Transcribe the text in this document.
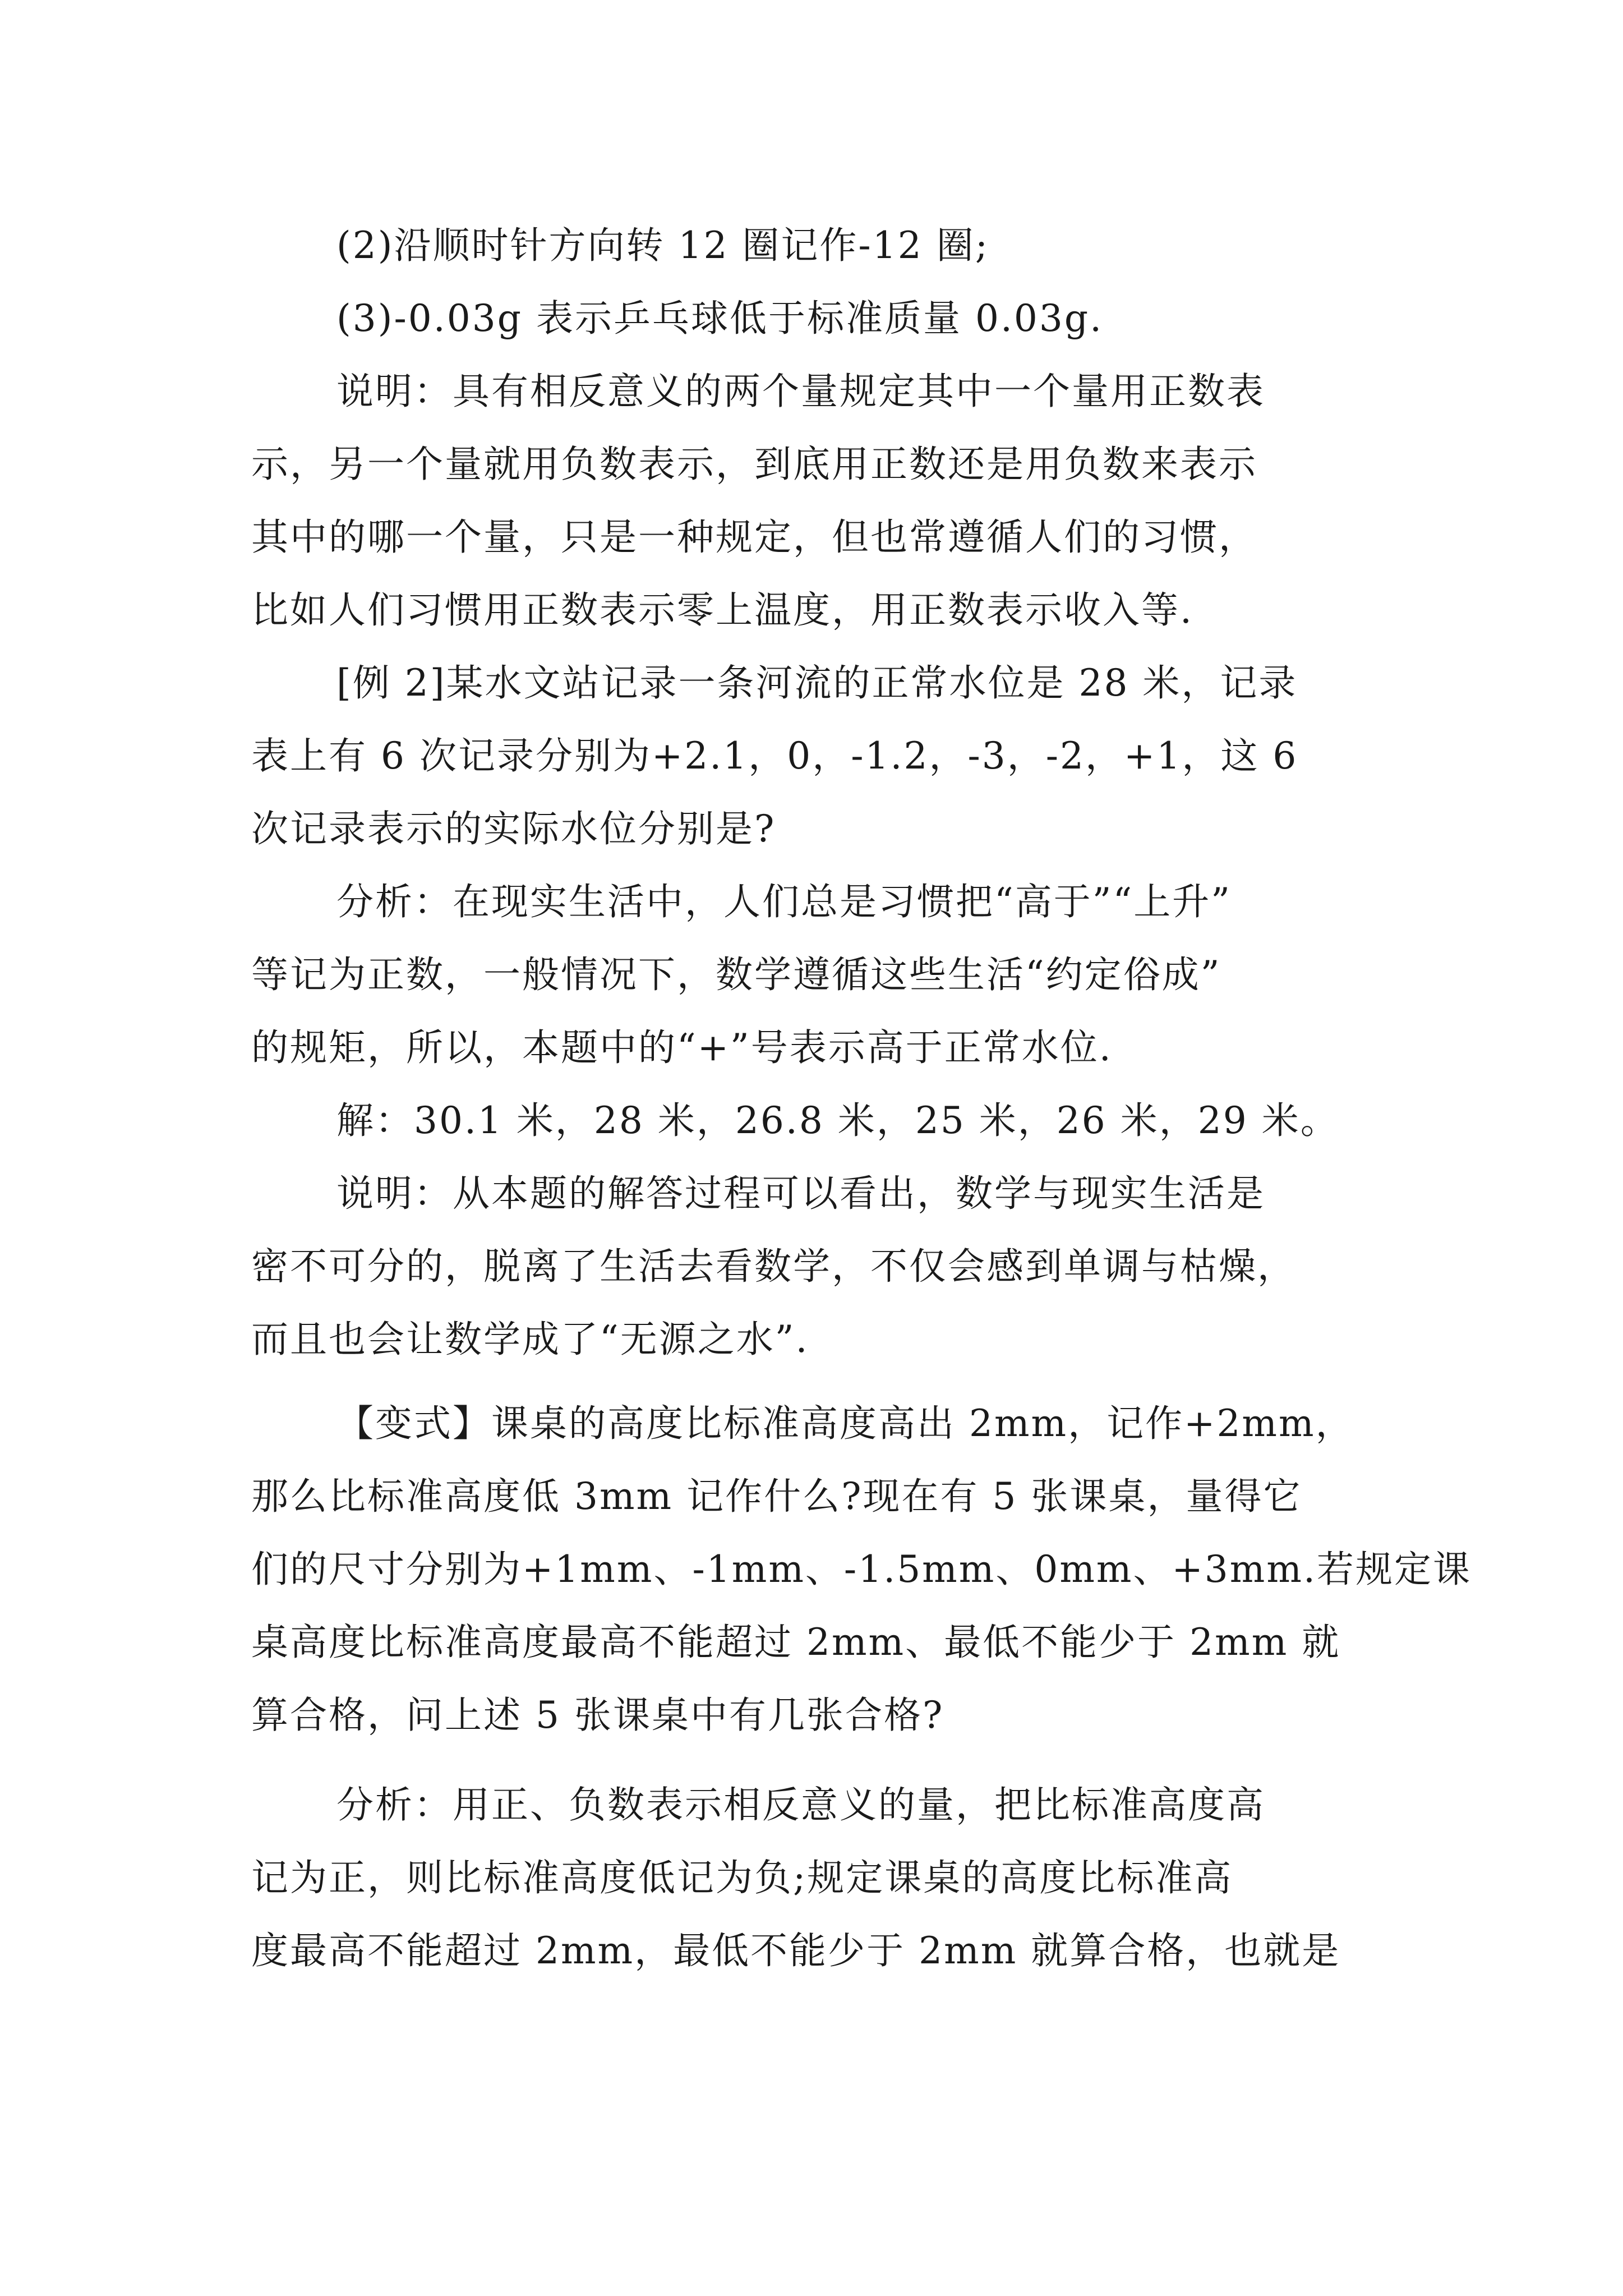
(2)沿顺时针方向转 12 圈记作-12 圈;
(3)-0.03g 表示乒乓球低于标准质量 0.03g.
说明：具有相反意义的两个量规定其中一个量用正数表
示，另一个量就用负数表示，到底用正数还是用负数来表示
其中的哪一个量，只是一种规定，但也常遵循人们的习惯，
比如人们习惯用正数表示零上温度，用正数表示收入等.
[例 2]某水文站记录一条河流的正常水位是 28 米，记录
表上有 6 次记录分别为+2.1，0，-1.2，-3，-2，+1，这 6
次记录表示的实际水位分别是?
分析：在现实生活中，人们总是习惯把“高于”“上升”
等记为正数，一般情况下，数学遵循这些生活“约定俗成”
的规矩，所以，本题中的“+”号表示高于正常水位.
解：30.1 米，28 米，26.8 米，25 米，26 米，29 米。
说明：从本题的解答过程可以看出，数学与现实生活是
密不可分的，脱离了生活去看数学，不仅会感到单调与枯燥，
而且也会让数学成了“无源之水”.
【变式】课桌的高度比标准高度高出 2mm，记作+2mm，
那么比标准高度低 3mm 记作什么?现在有 5 张课桌，量得它
们的尺寸分别为+1mm、-1mm、-1.5mm、0mm、+3mm.若规定课
桌高度比标准高度最高不能超过 2mm、最低不能少于 2mm 就
算合格，问上述 5 张课桌中有几张合格?
分析：用正、负数表示相反意义的量，把比标准高度高
记为正，则比标准高度低记为负;规定课桌的高度比标准高
度最高不能超过 2mm，最低不能少于 2mm 就算合格，也就是
